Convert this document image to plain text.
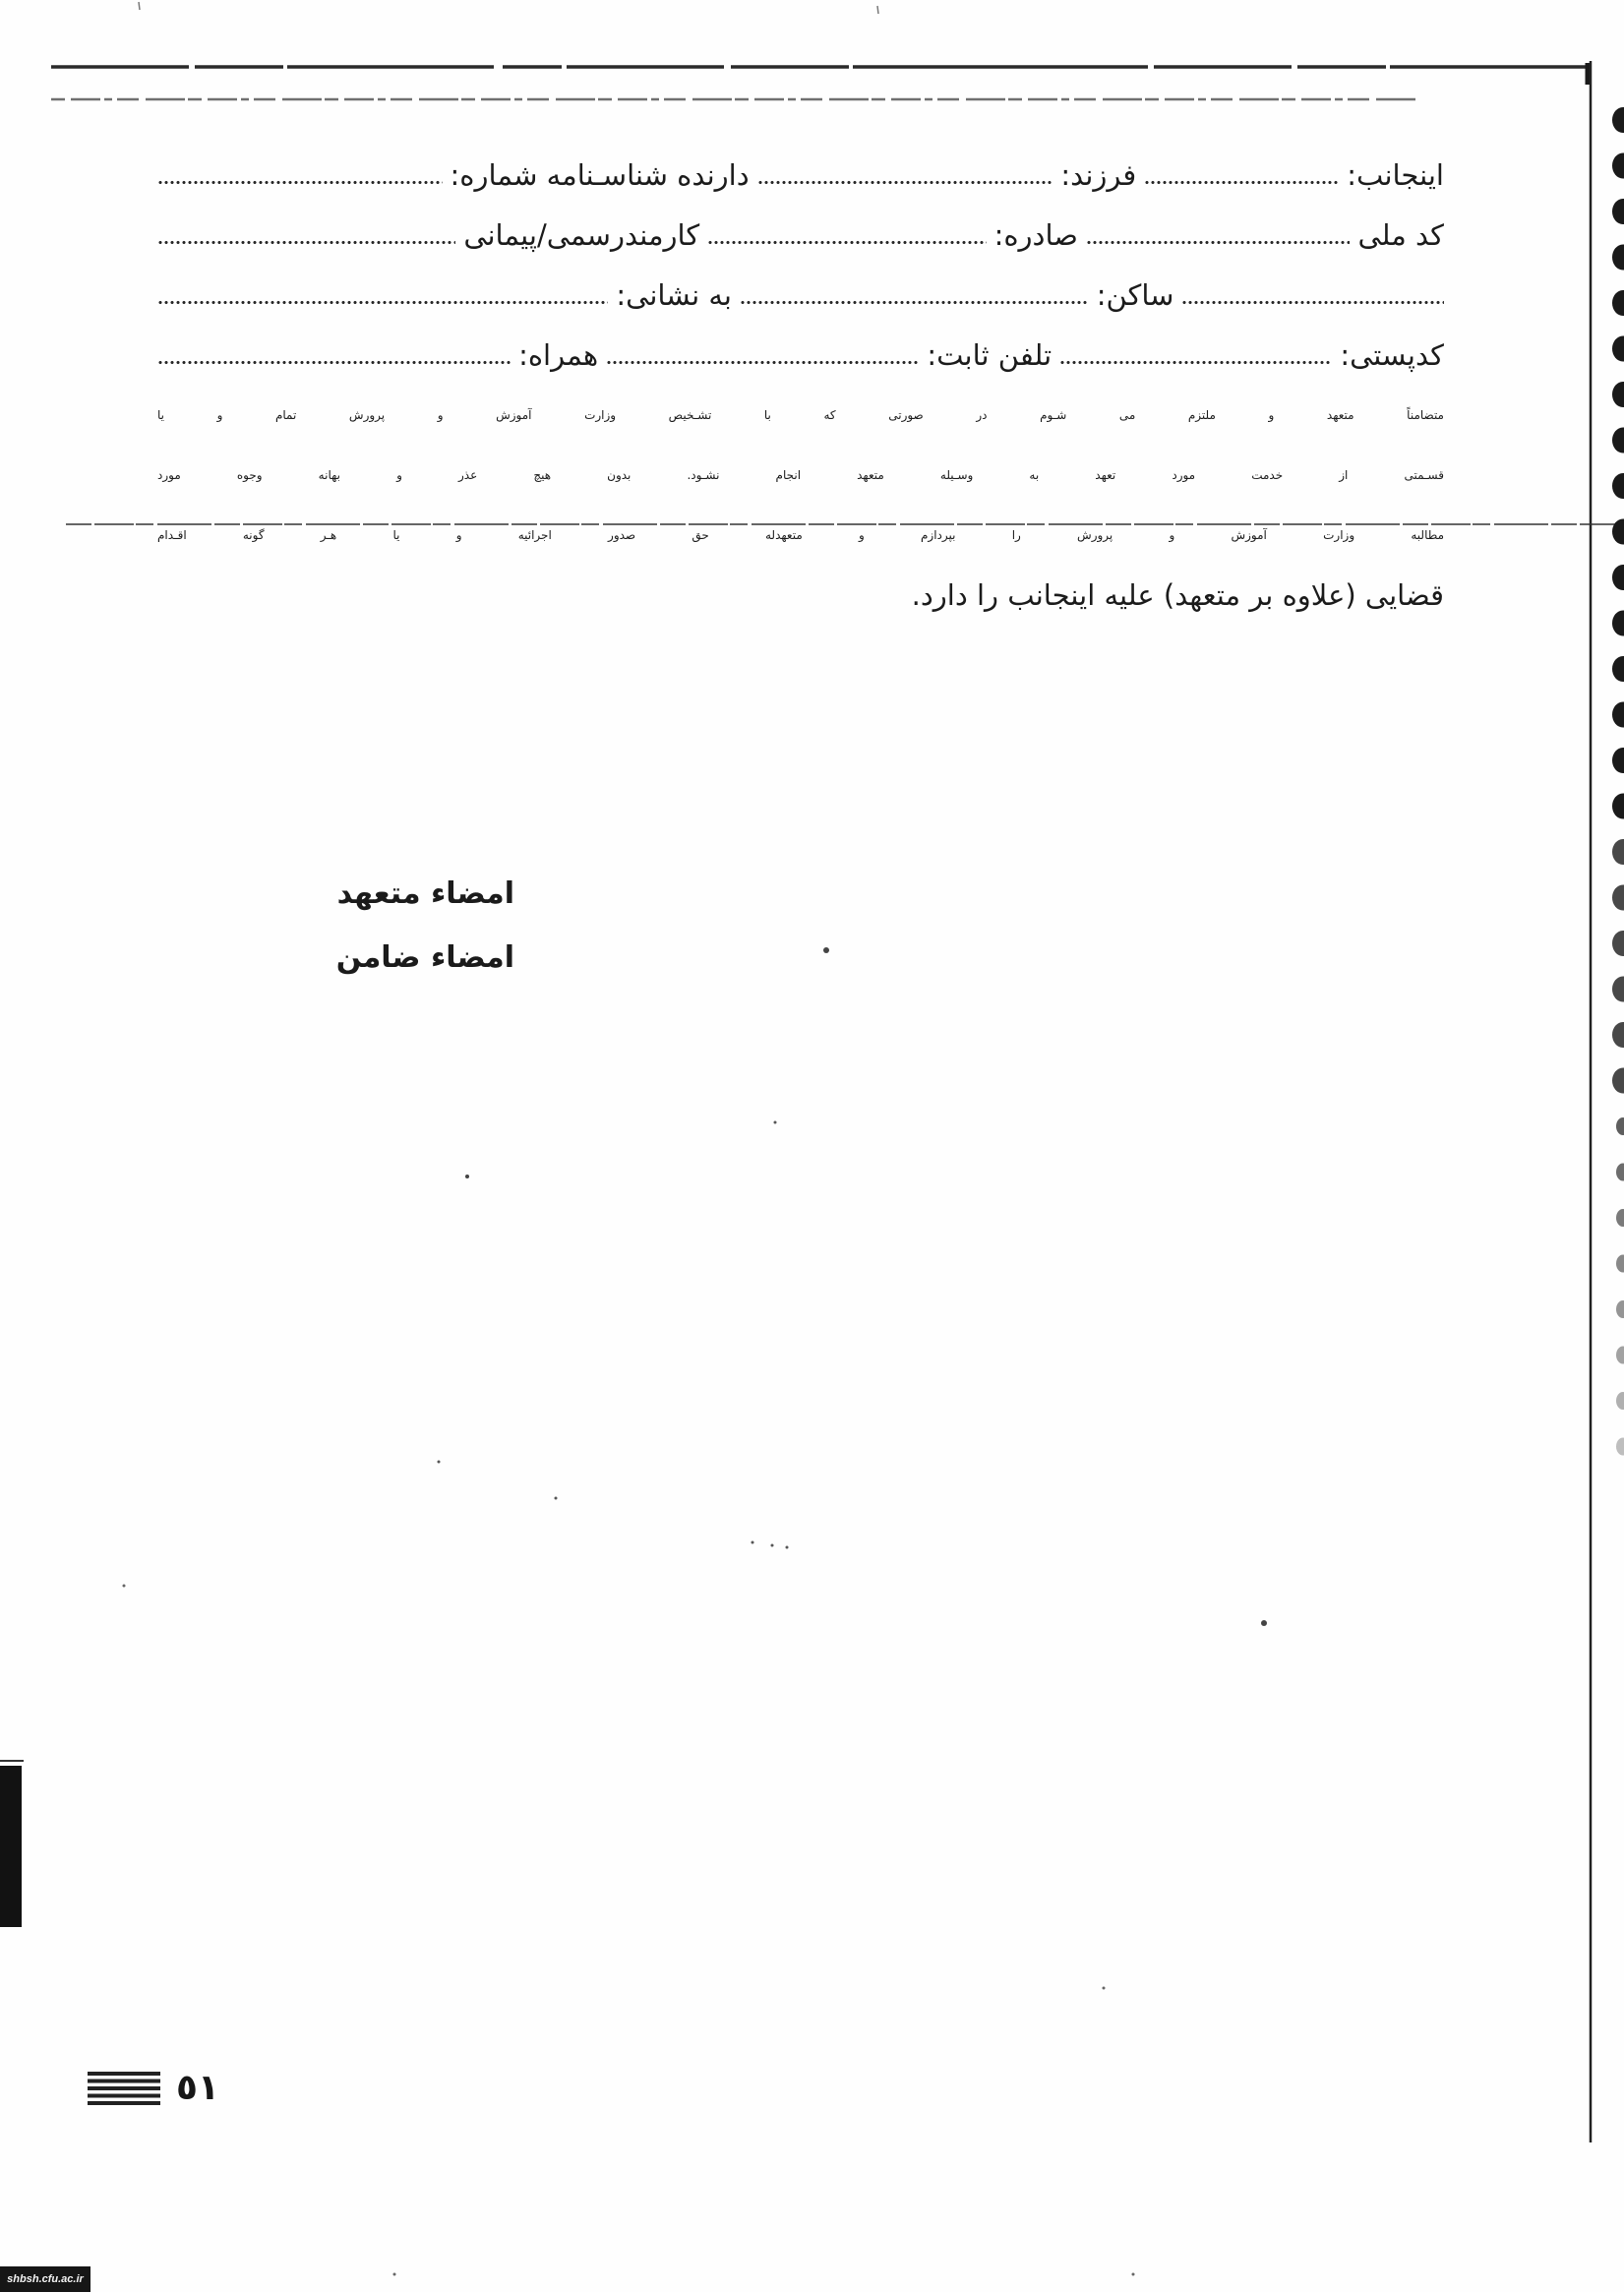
اینجانب:
فرزند:
دارنده شناسـنامه شماره:
کد ملی
صادره:
کارمندرسمی/پیمانی
ساکن:
به نشانی:
کدپستی:
تلفن ثابت:
همراه:
متضامناً متعهد و ملتزم می شـوم در صورتی که با تشـخیص وزارت آموزش و پرورش تمام و یا
قسـمتی از خدمت مورد تعهد به وسـیله متعهد انجام نشـود. بدون هیچ عذر و بهانه وجوه مورد
مطالبه وزارت آموزش و پرورش را بپردازم و متعهدله حق صدور اجرائیه و یا هـر گونه اقـدام
قضایی (علاوه بر متعهد) علیه اینجانب را دارد.
امضاء متعهد
امضاء ضامن
٥١
shbsh.cfu.ac.ir
